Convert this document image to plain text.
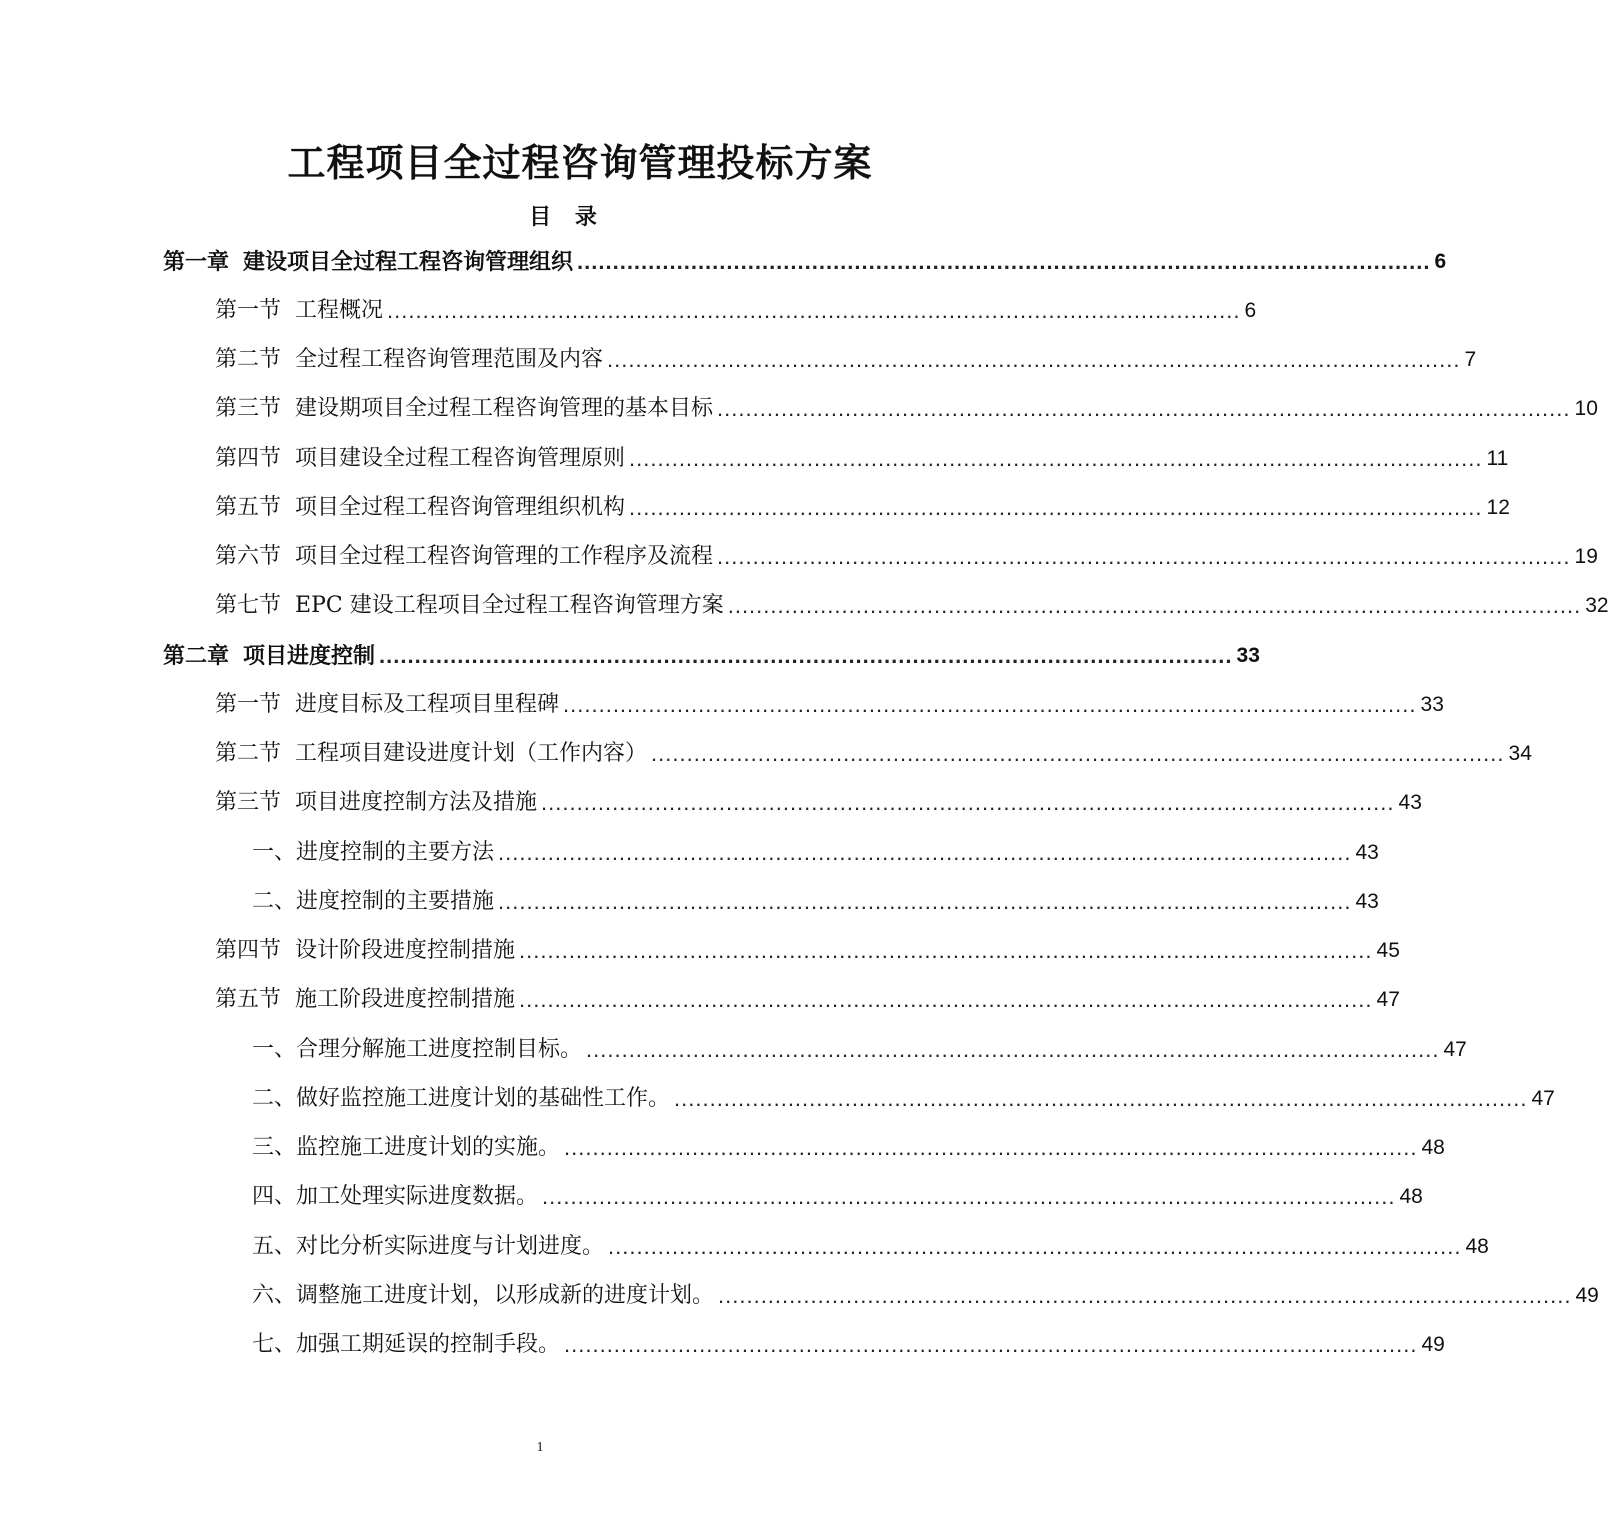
工程项目全过程咨询管理投标方案
目 录
第一章 建设项目全过程工程咨询管理组织 ........................................................................................................................ 6
第一节 工程概况 ........................................................................................................................ 6
第二节 全过程工程咨询管理范围及内容 ........................................................................................................................ 7
第三节 建设期项目全过程工程咨询管理的基本目标 ........................................................................................................................ 10
第四节 项目建设全过程工程咨询管理原则 ........................................................................................................................ 11
第五节 项目全过程工程咨询管理组织机构 ........................................................................................................................ 12
第六节 项目全过程工程咨询管理的工作程序及流程 ........................................................................................................................ 19
第七节 EPC 建设工程项目全过程工程咨询管理方案 ........................................................................................................................ 32
第二章 项目进度控制 ........................................................................................................................ 33
第一节 进度目标及工程项目里程碑 ........................................................................................................................ 33
第二节 工程项目建设进度计划（工作内容） ........................................................................................................................ 34
第三节 项目进度控制方法及措施 ........................................................................................................................ 43
一、进度控制的主要方法 ........................................................................................................................ 43
二、进度控制的主要措施 ........................................................................................................................ 43
第四节 设计阶段进度控制措施 ........................................................................................................................ 45
第五节 施工阶段进度控制措施 ........................................................................................................................ 47
一、合理分解施工进度控制目标。 ........................................................................................................................ 47
二、做好监控施工进度计划的基础性工作。 ........................................................................................................................ 47
三、监控施工进度计划的实施。 ........................................................................................................................ 48
四、加工处理实际进度数据。 ........................................................................................................................ 48
五、对比分析实际进度与计划进度。 ........................................................................................................................ 48
六、调整施工进度计划，以形成新的进度计划。 ........................................................................................................................ 49
七、加强工期延误的控制手段。 ........................................................................................................................ 49
1
